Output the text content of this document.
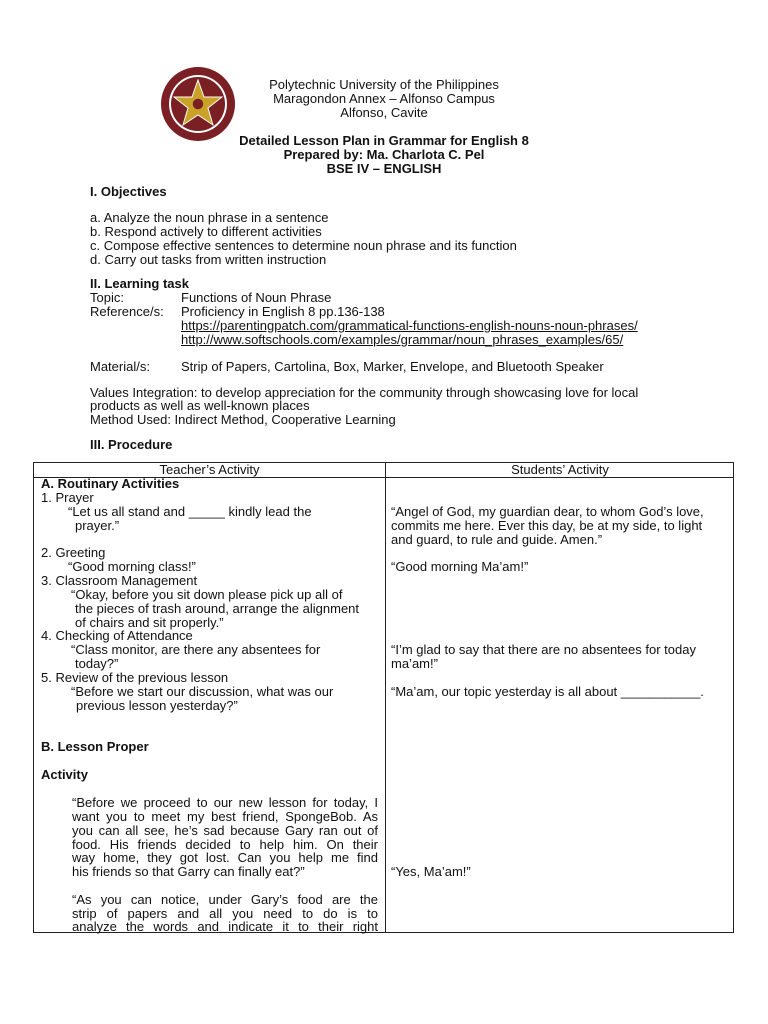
Polytechnic University of the Philippines
Maragondon Annex – Alfonso Campus
Alfonso, Cavite
Detailed Lesson Plan in Grammar for English 8
Prepared by: Ma. Charlota C. Pel
BSE IV – ENGLISH
I. Objectives
a. Analyze the noun phrase in a sentence
b. Respond actively to different activities
c. Compose effective sentences to determine noun phrase and its function
d. Carry out tasks from written instruction
II. Learning task
Topic:	Functions of Noun Phrase
Reference/s: Proficiency in English 8 pp.136-138
https://parentingpatch.com/grammatical-functions-english-nouns-noun-phrases/
http://www.softschools.com/examples/grammar/noun_phrases_examples/65/
Material/s: Strip of Papers, Cartolina, Box, Marker, Envelope, and Bluetooth Speaker
Values Integration: to develop appreciation for the community through showcasing love for local
products as well as well-known places
Method Used: Indirect Method, Cooperative Learning
III. Procedure
Teacher’s Activity	Students’ Activity
A. Routinary Activities
1. Prayer
“Let us all stand and _____ kindly lead the
prayer.”
2. Greeting
“Good morning class!”
3. Classroom Management
“Okay, before you sit down please pick up all of
the pieces of trash around, arrange the alignment
of chairs and sit properly.”
4. Checking of Attendance
“Class monitor, are there any absentees for
today?”
5. Review of the previous lesson
“Before we start our discussion, what was our
previous lesson yesterday?”
B. Lesson Proper
Activity
“Before we proceed to our new lesson for today, I
want you to meet my best friend, SpongeBob. As
you can all see, he’s sad because Gary ran out of
food. His friends decided to help him. On their
way home, they got lost. Can you help me find
his friends so that Garry can finally eat?”
“As you can notice, under Gary’s food are the
strip of papers and all you need to do is to
analyze the words and indicate it to their right
“Angel of God, my guardian dear, to whom God’s love,
commits me here. Ever this day, be at my side, to light
and guard, to rule and guide. Amen.”
“Good morning Ma’am!”
“I’m glad to say that there are no absentees for today
ma’am!”
“Ma’am, our topic yesterday is all about ___________.
“Yes, Ma’am!”
